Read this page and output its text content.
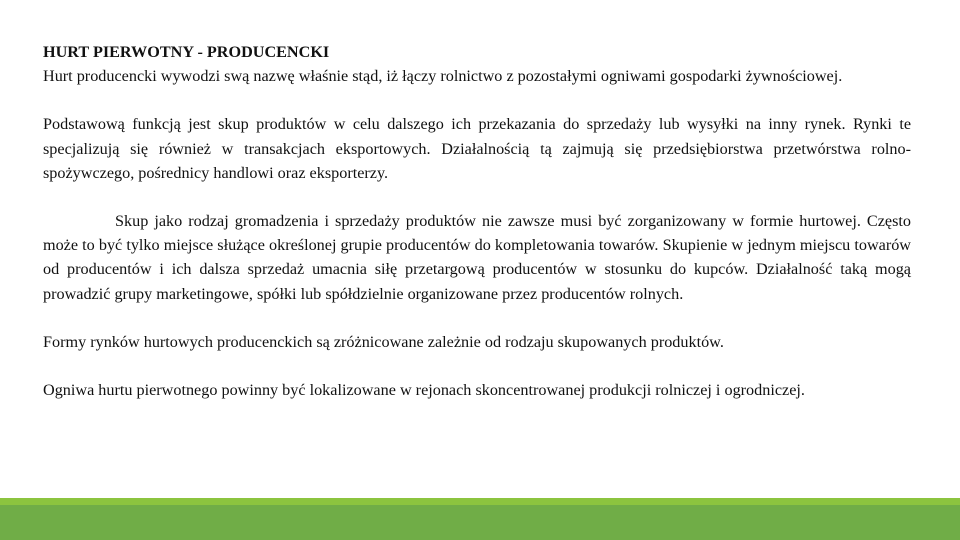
HURT PIERWOTNY - PRODUCENCKI

Hurt producencki wywodzi swą nazwę właśnie stąd, iż łączy rolnictwo z pozostałymi ogniwami gospodarki żywnościowej.

Podstawową funkcją jest skup produktów w celu dalszego ich przekazania do sprzedaży lub wysyłki na inny rynek. Rynki te specjalizują się również w transakcjach eksportowych. Działalnością tą zajmują się przedsiębiorstwa przetwórstwa rolno-spożywczego, pośrednicy handlowi oraz eksporterzy.

Skup jako rodzaj gromadzenia i sprzedaży produktów nie zawsze musi być zorganizowany w formie hurtowej. Często może to być tylko miejsce służące określonej grupie producentów do kompletowania towarów. Skupienie w jednym miejscu towarów od producentów i ich dalsza sprzedaż umacnia siłę przetargową producentów w stosunku do kupców. Działalność taką mogą prowadzić grupy marketingowe, spółki lub spółdzielnie organizowane przez producentów rolnych.

Formy rynków hurtowych producenckich są zróżnicowane zależnie od rodzaju skupowanych produktów.

Ogniwa hurtu pierwotnego powinny być lokalizowane w rejonach skoncentrowanej produkcji rolniczej i ogrodniczej.
